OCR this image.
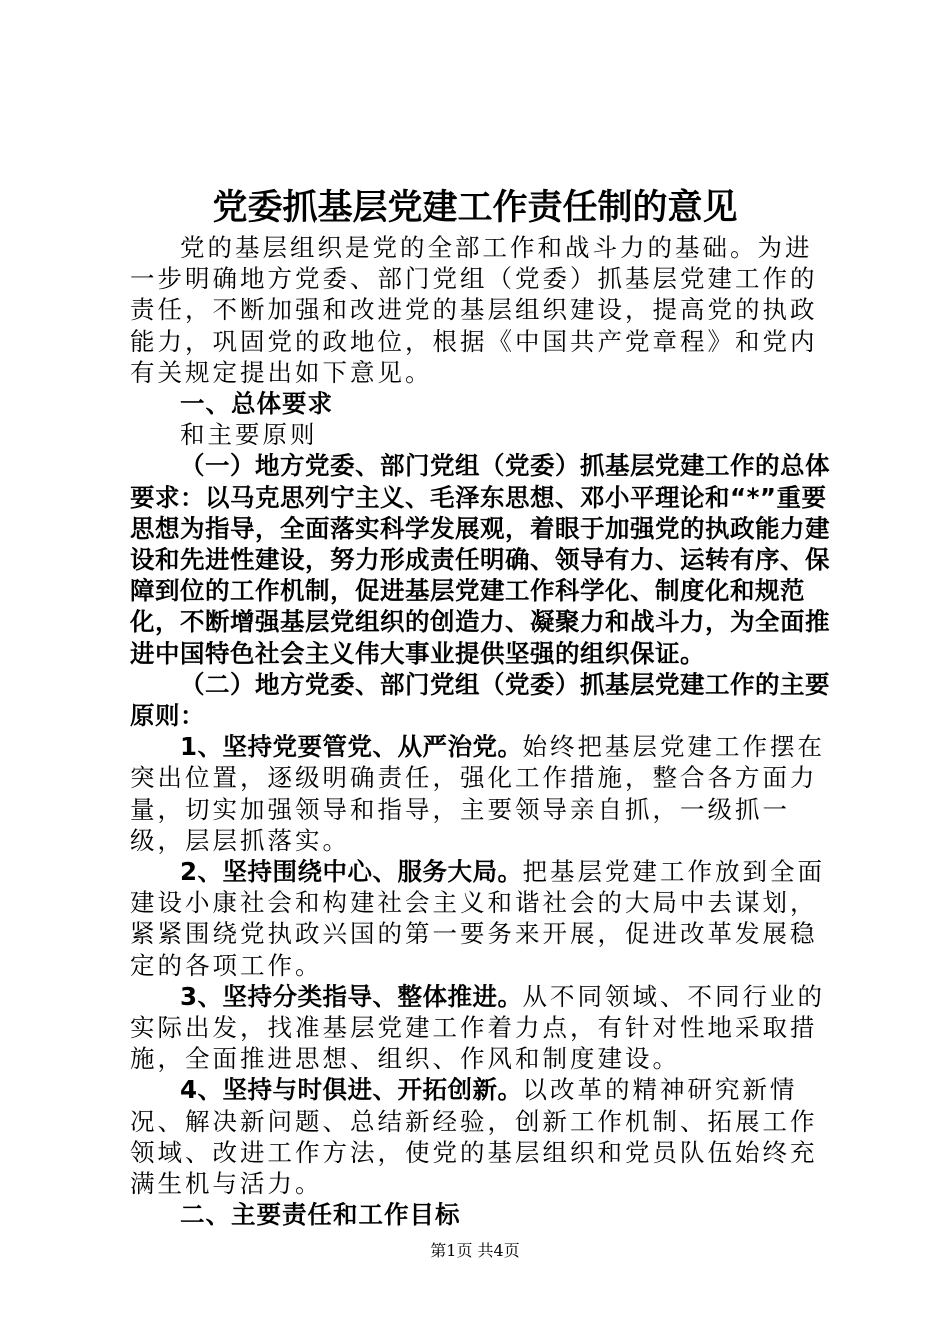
党委抓基层党建工作责任制的意见

党的基层组织是党的全部工作和战斗力的基础。为进一步明确地方党委、部门党组（党委）抓基层党建工作的责任，不断加强和改进党的基层组织建设，提高党的执政能力，巩固党的政地位，根据《中国共产党章程》和党内有关规定提出如下意见。

一、总体要求

和主要原则

（一）地方党委、部门党组（党委）抓基层党建工作的总体要求：以马克思列宁主义、毛泽东思想、邓小平理论和“*”重要思想为指导，全面落实科学发展观，着眼于加强党的执政能力建设和先进性建设，努力形成责任明确、领导有力、运转有序、保障到位的工作机制，促进基层党建工作科学化、制度化和规范化，不断增强基层党组织的创造力、凝聚力和战斗力，为全面推进中国特色社会主义伟大事业提供坚强的组织保证。

（二）地方党委、部门党组（党委）抓基层党建工作的主要原则：

1、坚持党要管党、从严治党。始终把基层党建工作摆在突出位置，逐级明确责任，强化工作措施，整合各方面力量，切实加强领导和指导，主要领导亲自抓，一级抓一级，层层抓落实。

2、坚持围绕中心、服务大局。把基层党建工作放到全面建设小康社会和构建社会主义和谐社会的大局中去谋划，紧紧围绕党执政兴国的第一要务来开展，促进改革发展稳定的各项工作。

3、坚持分类指导、整体推进。从不同领域、不同行业的实际出发，找准基层党建工作着力点，有针对性地采取措施，全面推进思想、组织、作风和制度建设。

4、坚持与时俱进、开拓创新。以改革的精神研究新情况、解决新问题、总结新经验，创新工作机制、拓展工作领域、改进工作方法，使党的基层组织和党员队伍始终充满生机与活力。

二、主要责任和工作目标

第1页 共4页
